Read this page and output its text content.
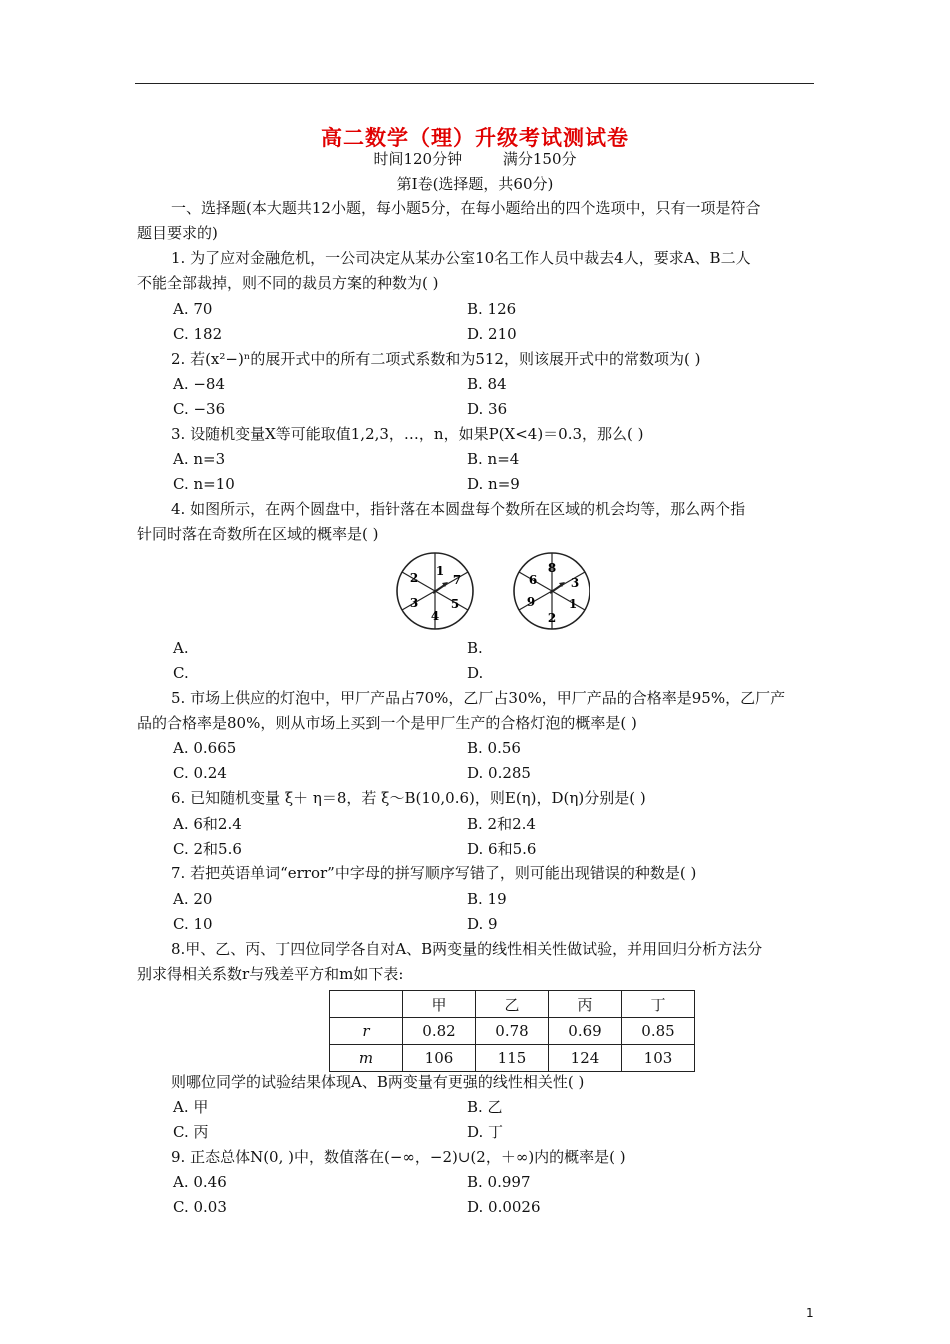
高二数学（理）升级考试测试卷
时间120分钟	满分150分
第Ⅰ卷(选择题，共60分)
一、选择题(本大题共12小题，每小题5分，在每小题给出的四个选项中，只有一项是符合
题目要求的)
1. 为了应对金融危机，一公司决定从某办公室10名工作人员中裁去4人，要求A、B二人
不能全部裁掉，则不同的裁员方案的种数为( )
A. 70	B. 126
C. 182	D. 210
2. 若(x²−)ⁿ的展开式中的所有二项式系数和为512，则该展开式中的常数项为( )
A. −84	B. 84
C. −36	D. 36
3. 设随机变量X等可能取值1,2,3，…，n，如果P(X<4)＝0.3，那么( )
A. n=3	B. n=4
C. n=10	D. n=9
4. 如图所示，在两个圆盘中，指针落在本圆盘每个数所在区域的机会均等，那么两个指
针同时落在奇数所在区域的概率是( )
1
7
5
4
3
2
8
3
1
2
9
6
A.	B.
C.	D.
5. 市场上供应的灯泡中，甲厂产品占70%，乙厂占30%，甲厂产品的合格率是95%，乙厂产
品的合格率是80%，则从市场上买到一个是甲厂生产的合格灯泡的概率是( )
A. 0.665	B. 0.56
C. 0.24	D. 0.285
6. 已知随机变量 ξ＋ η＝8，若 ξ～B(10,0.6)，则E(η)，D(η)分别是( )
A. 6和2.4	B. 2和2.4
C. 2和5.6	D. 6和5.6
7. 若把英语单词“error”中字母的拼写顺序写错了，则可能出现错误的种数是( )
A. 20	B. 19
C. 10	D. 9
8.甲、乙、丙、丁四位同学各自对A、B两变量的线性相关性做试验，并用回归分析方法分
别求得相关系数r与残差平方和m如下表:
	甲	乙	丙	丁
r	0.82	0.78	0.69	0.85
m	106	115	124	103
则哪位同学的试验结果体现A、B两变量有更强的线性相关性( )
A. 甲	B. 乙
C. 丙	D. 丁
9. 正态总体N(0, )中，数值落在(−∞，−2)∪(2，＋∞)内的概率是( )
A. 0.46	B. 0.997
C. 0.03	D. 0.0026
1
